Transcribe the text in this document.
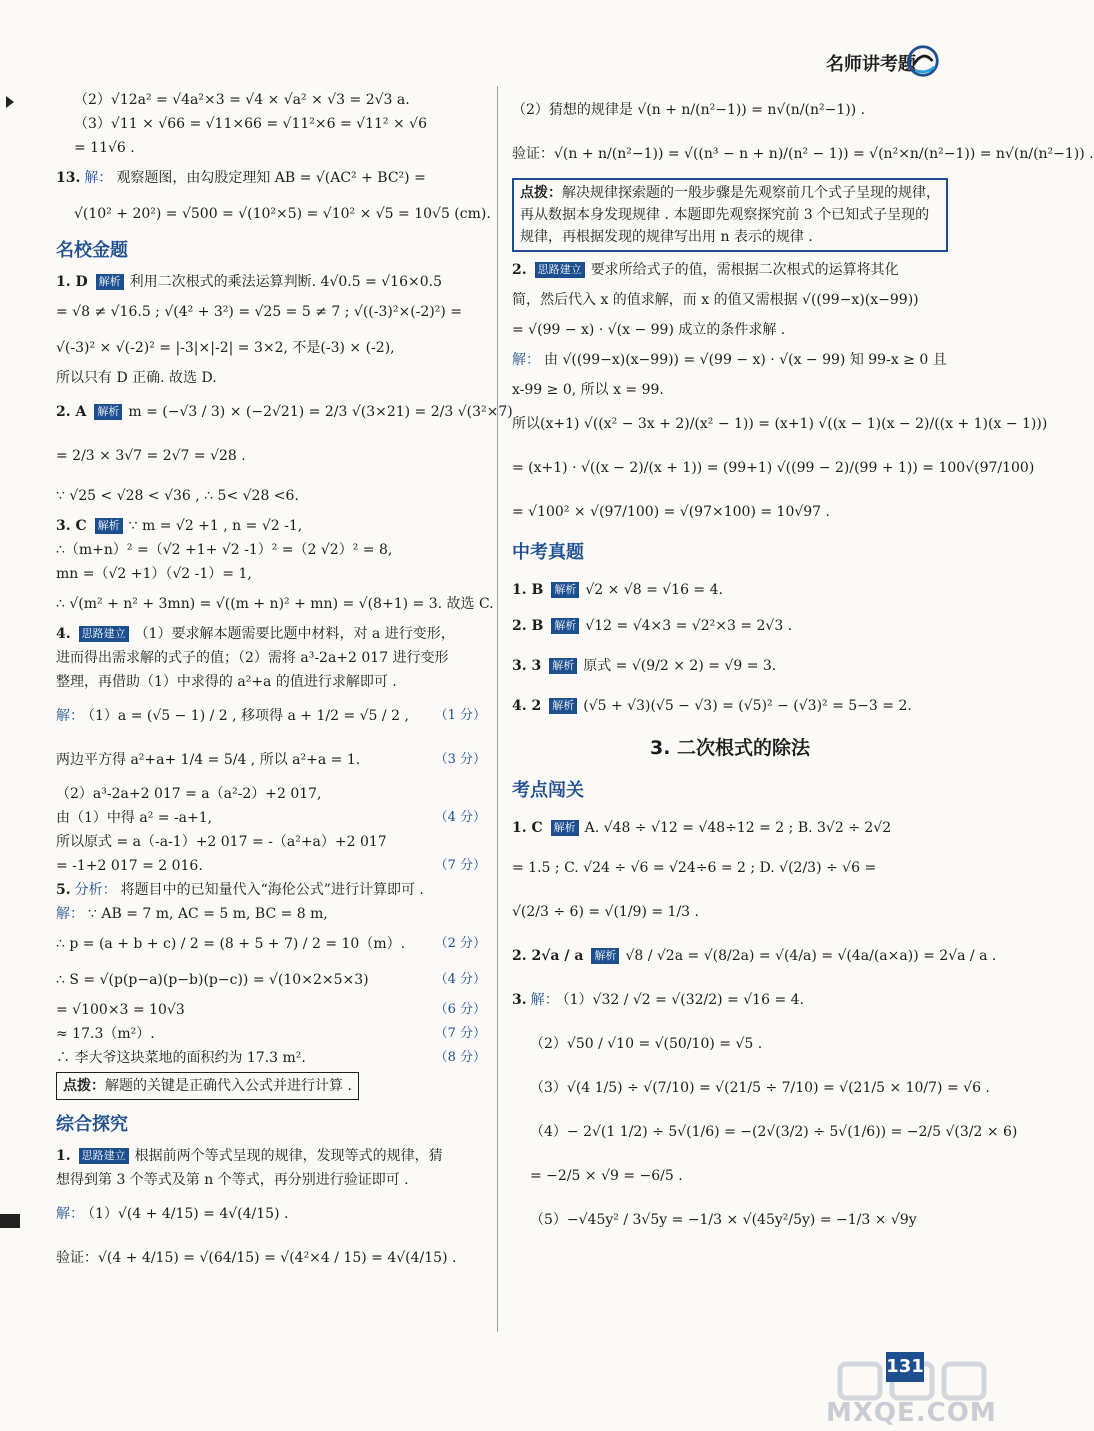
名师讲考题
（2）√12a² = √4a²×3 = √4 × √a² × √3 = 2√3 a.
（3）√11 × √66 = √11×66 = √11²×6 = √11² × √6
= 11√6 .
13. 解： 观察题图，由勾股定理知 AB = √(AC² + BC²) =
√(10² + 20²) = √500 = √(10²×5) = √10² × √5 = 10√5 (cm).
名校金题
1. D 解析 利用二次根式的乘法运算判断. 4√0.5 = √16×0.5
= √8 ≠ √16.5 ; √(4² + 3²) = √25 = 5 ≠ 7 ; √((-3)²×(-2)²) =
√(-3)² × √(-2)² = |-3|×|-2| = 3×2, 不是(-3) × (-2),
所以只有 D 正确. 故选 D.
2. A 解析 m = (−√3 / 3) × (−2√21) = 2/3 √(3×21) = 2/3 √(3²×7)
= 2/3 × 3√7 = 2√7 = √28 .
∵ √25 < √28 < √36 , ∴ 5< √28 <6.
3. C 解析 ∵ m = √2 +1 , n = √2 -1,
∴（m+n）² =（√2 +1+ √2 -1）² =（2 √2）² = 8,
mn =（√2 +1）（√2 -1）= 1,
∴ √(m² + n² + 3mn) = √((m + n)² + mn) = √(8+1) = 3. 故选 C.
4. 思路建立 （1）要求解本题需要比题中材料，对 a 进行变形，
进而得出需求解的式子的值；（2）需将 a³-2a+2 017 进行变形
整理，再借助（1）中求得的 a²+a 的值进行求解即可 .
解： （1）a = (√5 − 1) / 2 , 移项得 a + 1/2 = √5 / 2 , （1 分）
两边平方得 a²+a+ 1/4 = 5/4 , 所以 a²+a = 1.	（3 分）
（2）a³-2a+2 017 = a（a²-2）+2 017,
由（1）中得 a² = -a+1,	（4 分）
所以原式 = a（-a-1）+2 017 = -（a²+a）+2 017
= -1+2 017 = 2 016.	（7 分）
5. 分析： 将题目中的已知量代入“海伦公式”进行计算即可 .
解： ∵ AB = 7 m, AC = 5 m, BC = 8 m,
∴ p = (a + b + c) / 2 = (8 + 5 + 7) / 2 = 10（m）. （2 分）
∴ S = √(p(p−a)(p−b)(p−c)) = √(10×2×5×3)	（4 分）
= √100×3 = 10√3	（6 分）
≈ 17.3（m²）.	（7 分）
∴ 李大爷这块菜地的面积约为 17.3 m².	（8 分）
点拨：解题的关键是正确代入公式并进行计算 .
综合探究
1. 思路建立 根据前两个等式呈现的规律，发现等式的规律，猜
想得到第 3 个等式及第 n 个等式，再分别进行验证即可 .
解： （1）√(4 + 4/15) = 4√(4/15) .
验证：√(4 + 4/15) = √(64/15) = √(4²×4 / 15) = 4√(4/15) .
（2）猜想的规律是 √(n + n/(n²−1)) = n√(n/(n²−1)) .
验证：√(n + n/(n²−1)) = √((n³ − n + n)/(n² − 1)) = √(n²×n/(n²−1)) = n√(n/(n²−1)) .
点拨：解决规律探索题的一般步骤是先观察前几个式子呈现的规律，再从数据本身发现规律 . 本题即先观察探究前 3 个已知式子呈现的规律，再根据发现的规律写出用 n 表示的规律 .
2. 思路建立 要求所给式子的值，需根据二次根式的运算将其化
简，然后代入 x 的值求解，而 x 的值又需根据 √((99−x)(x−99))
= √(99 − x) · √(x − 99) 成立的条件求解 .
解： 由 √((99−x)(x−99)) = √(99 − x) · √(x − 99) 知 99-x ≥ 0 且
x-99 ≥ 0, 所以 x = 99.
所以(x+1) √((x² − 3x + 2)/(x² − 1)) = (x+1) √((x − 1)(x − 2)/((x + 1)(x − 1)))
= (x+1) · √((x − 2)/(x + 1)) = (99+1) √((99 − 2)/(99 + 1)) = 100√(97/100)
= √100² × √(97/100) = √(97×100) = 10√97 .
中考真题
1. B 解析 √2 × √8 = √16 = 4.
2. B 解析 √12 = √4×3 = √2²×3 = 2√3 .
3. 3 解析 原式 = √(9/2 × 2) = √9 = 3.
4. 2 解析 (√5 + √3)(√5 − √3) = (√5)² − (√3)² = 5−3 = 2.
3. 二次根式的除法
考点闯关
1. C 解析 A. √48 ÷ √12 = √48÷12 = 2 ; B. 3√2 ÷ 2√2
= 1.5 ; C. √24 ÷ √6 = √24÷6 = 2 ; D. √(2/3) ÷ √6 =
√(2/3 ÷ 6) = √(1/9) = 1/3 .
2. 2√a / a 解析 √8 / √2a = √(8/2a) = √(4/a) = √(4a/(a×a)) = 2√a / a .
3. 解： （1）√32 / √2 = √(32/2) = √16 = 4.
（2）√50 / √10 = √(50/10) = √5 .
（3）√(4 1/5) ÷ √(7/10) = √(21/5 ÷ 7/10) = √(21/5 × 10/7) = √6 .
（4）− 2√(1 1/2) ÷ 5√(1/6) = −(2√(3/2) ÷ 5√(1/6)) = −2/5 √(3/2 × 6)
= −2/5 × √9 = −6/5 .
（5）−√45y² / 3√5y = −1/3 × √(45y²/5y) = −1/3 × √9y
131
MXQE.COM
